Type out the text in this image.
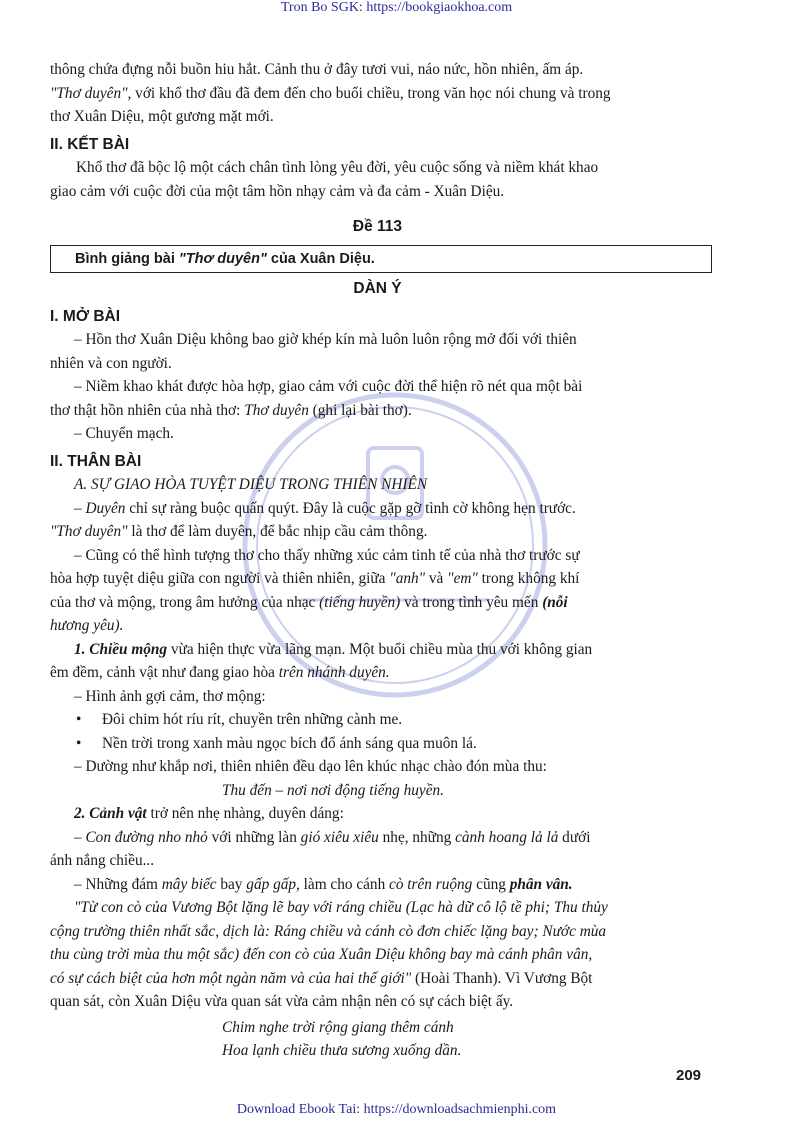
Tron Bo SGK: https://bookgiaokhoa.com
thông chứa đựng nỗi buồn hiu hắt. Cảnh thu ở đây tươi vui, náo nức, hồn nhiên, ấm áp.
"Thơ duyên", với khổ thơ đầu đã đem đến cho buổi chiều, trong văn học nói chung và trong
thơ Xuân Diệu, một gương mặt mới.
II. KẾT BÀI
Khổ thơ đã bộc lộ một cách chân tình lòng yêu đời, yêu cuộc sống và niềm khát khao
giao cảm với cuộc đời của một tâm hồn nhạy cảm và đa cảm - Xuân Diệu.
Đề 113
Bình giảng bài "Thơ duyên" của Xuân Diệu.
DÀN Ý
I. MỞ BÀI
– Hồn thơ Xuân Diệu không bao giờ khép kín mà luôn luôn rộng mở đối với thiên
nhiên và con người.
– Niềm khao khát được hòa hợp, giao cảm với cuộc đời thể hiện rõ nét qua một bài
thơ thật hồn nhiên của nhà thơ: Thơ duyên (ghi lại bài thơ).
– Chuyển mạch.
II. THÂN BÀI
A. SỰ GIAO HÒA TUYỆT DIỆU TRONG THIÊN NHIÊN
– Duyên chỉ sự ràng buộc quấn quýt. Đây là cuộc gặp gỡ tình cờ không hẹn trước.
"Thơ duyên" là thơ để làm duyên, để bắc nhịp cầu cảm thông.
– Cũng có thể hình tượng thơ cho thấy những xúc cảm tinh tế của nhà thơ trước sự
hòa hợp tuyệt diệu giữa con người và thiên nhiên, giữa "anh" và "em" trong không khí
của thơ và mộng, trong âm hưởng của nhạc (tiếng huyền) và trong tình yêu mến (nỗi
hương yêu).
1. Chiều mộng vừa hiện thực vừa lãng mạn. Một buổi chiều mùa thu với không gian
êm đềm, cảnh vật như đang giao hòa trên nhánh duyên.
– Hình ảnh gợi cảm, thơ mộng:
• Đôi chim hót ríu rít, chuyền trên những cành me.
• Nền trời trong xanh màu ngọc bích đổ ánh sáng qua muôn lá.
– Dường như khắp nơi, thiên nhiên đều dạo lên khúc nhạc chào đón mùa thu:
Thu đến – nơi nơi động tiếng huyền.
2. Cảnh vật trở nên nhẹ nhàng, duyên dáng:
– Con đường nho nhỏ với những làn gió xiêu xiêu nhẹ, những cành hoang lả lả dưới
ánh nắng chiều...
– Những đám mây biếc bay gấp gấp, làm cho cánh cò trên ruộng cũng phân vân.
"Từ con cò của Vương Bột lặng lẽ bay với ráng chiều (Lạc hà dữ cô lộ tề phi; Thu thủy
cộng trường thiên nhất sắc, dịch là: Ráng chiều và cánh cò đơn chiếc lặng bay; Nước mùa
thu cùng trời mùa thu một sắc) đến con cò của Xuân Diệu không bay mà cánh phân vân,
có sự cách biệt của hơn một ngàn năm và của hai thế giới" (Hoài Thanh). Vì Vương Bột
quan sát, còn Xuân Diệu vừa quan sát vừa cảm nhận nên có sự cách biệt ấy.
Chim nghe trời rộng giang thêm cánh
Hoa lạnh chiều thưa sương xuống dần.
209
Download Ebook Tai: https://downloadsachmienphi.com
